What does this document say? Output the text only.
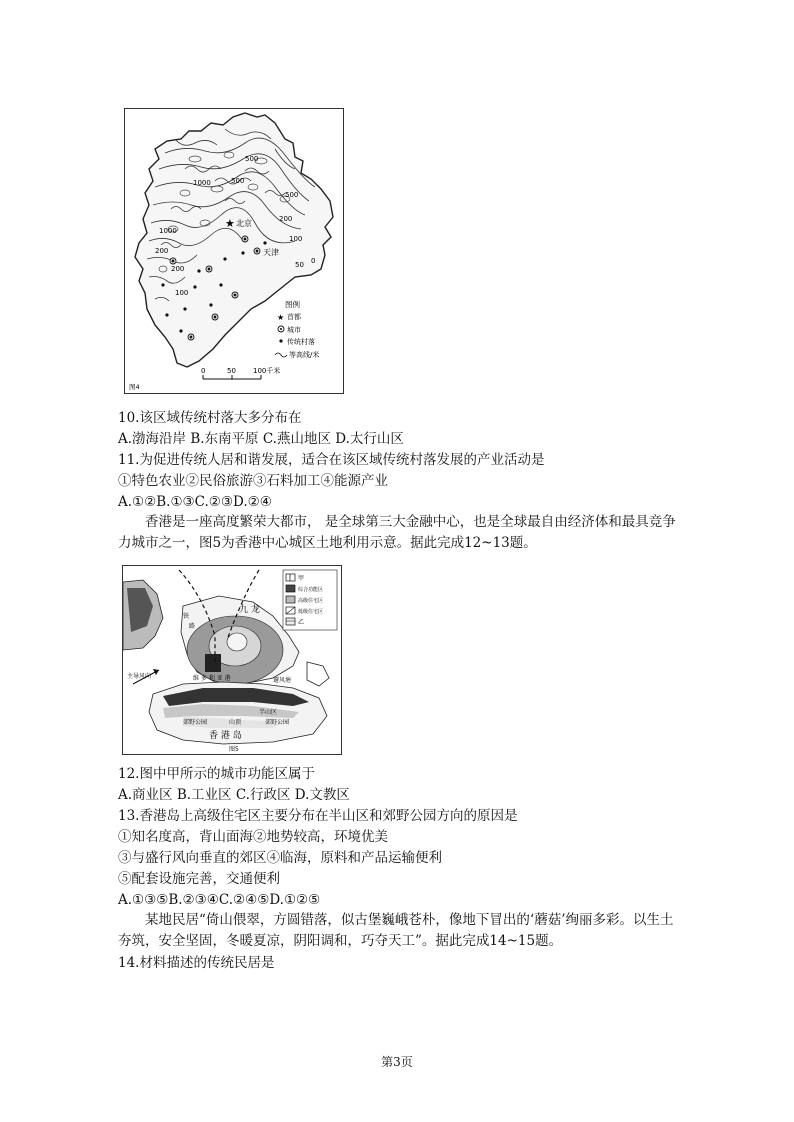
1000
500
200
100
50
200
500
1000	500
200
100
0
★ 北京
天津
图例
★ 首都
城市
传统村落
等高线/米
0	50 100千米
图4
10.该区域传统村落大多分布在
A.渤海沿岸 B.东南平原 C.燕山地区 D.太行山区
11.为促进传统人居和谐发展，适合在该区域传统村落发展的产业活动是
①特色农业②民俗旅游③石料加工④能源产业
A.①②B.①③C.②③D.②④
香港是一座高度繁荣大都市， 是全球第三大金融中心，也是全球最自由经济体和最具竞争力城市之一，图5为香港中心城区土地利用示意。据此完成12~13题。
主导风向
九 龙
铁
路
维 多 利 亚 港	避风塘
半山区
郊野公园	山顶	郊野公园
香 港 岛
甲
综合功能区
高级住宅区
低级住宅区
乙
图5
12.图中甲所示的城市功能区属于
A.商业区 B.工业区 C.行政区 D.文教区
13.香港岛上高级住宅区主要分布在半山区和郊野公园方向的原因是
①知名度高，背山面海②地势较高，环境优美
③与盛行风向垂直的郊区④临海，原料和产品运输便利
⑤配套设施完善，交通便利
A.①③⑤B.②③④C.②④⑤D.①②⑤
某地民居“倚山偎翠，方圆错落，似古堡巍峨苍朴，像地下冒出的‘蘑菇’绚丽多彩。以生土夯筑，安全坚固，冬暖夏凉，阴阳调和，巧夺天工”。据此完成14~15题。
14.材料描述的传统民居是
第3页
